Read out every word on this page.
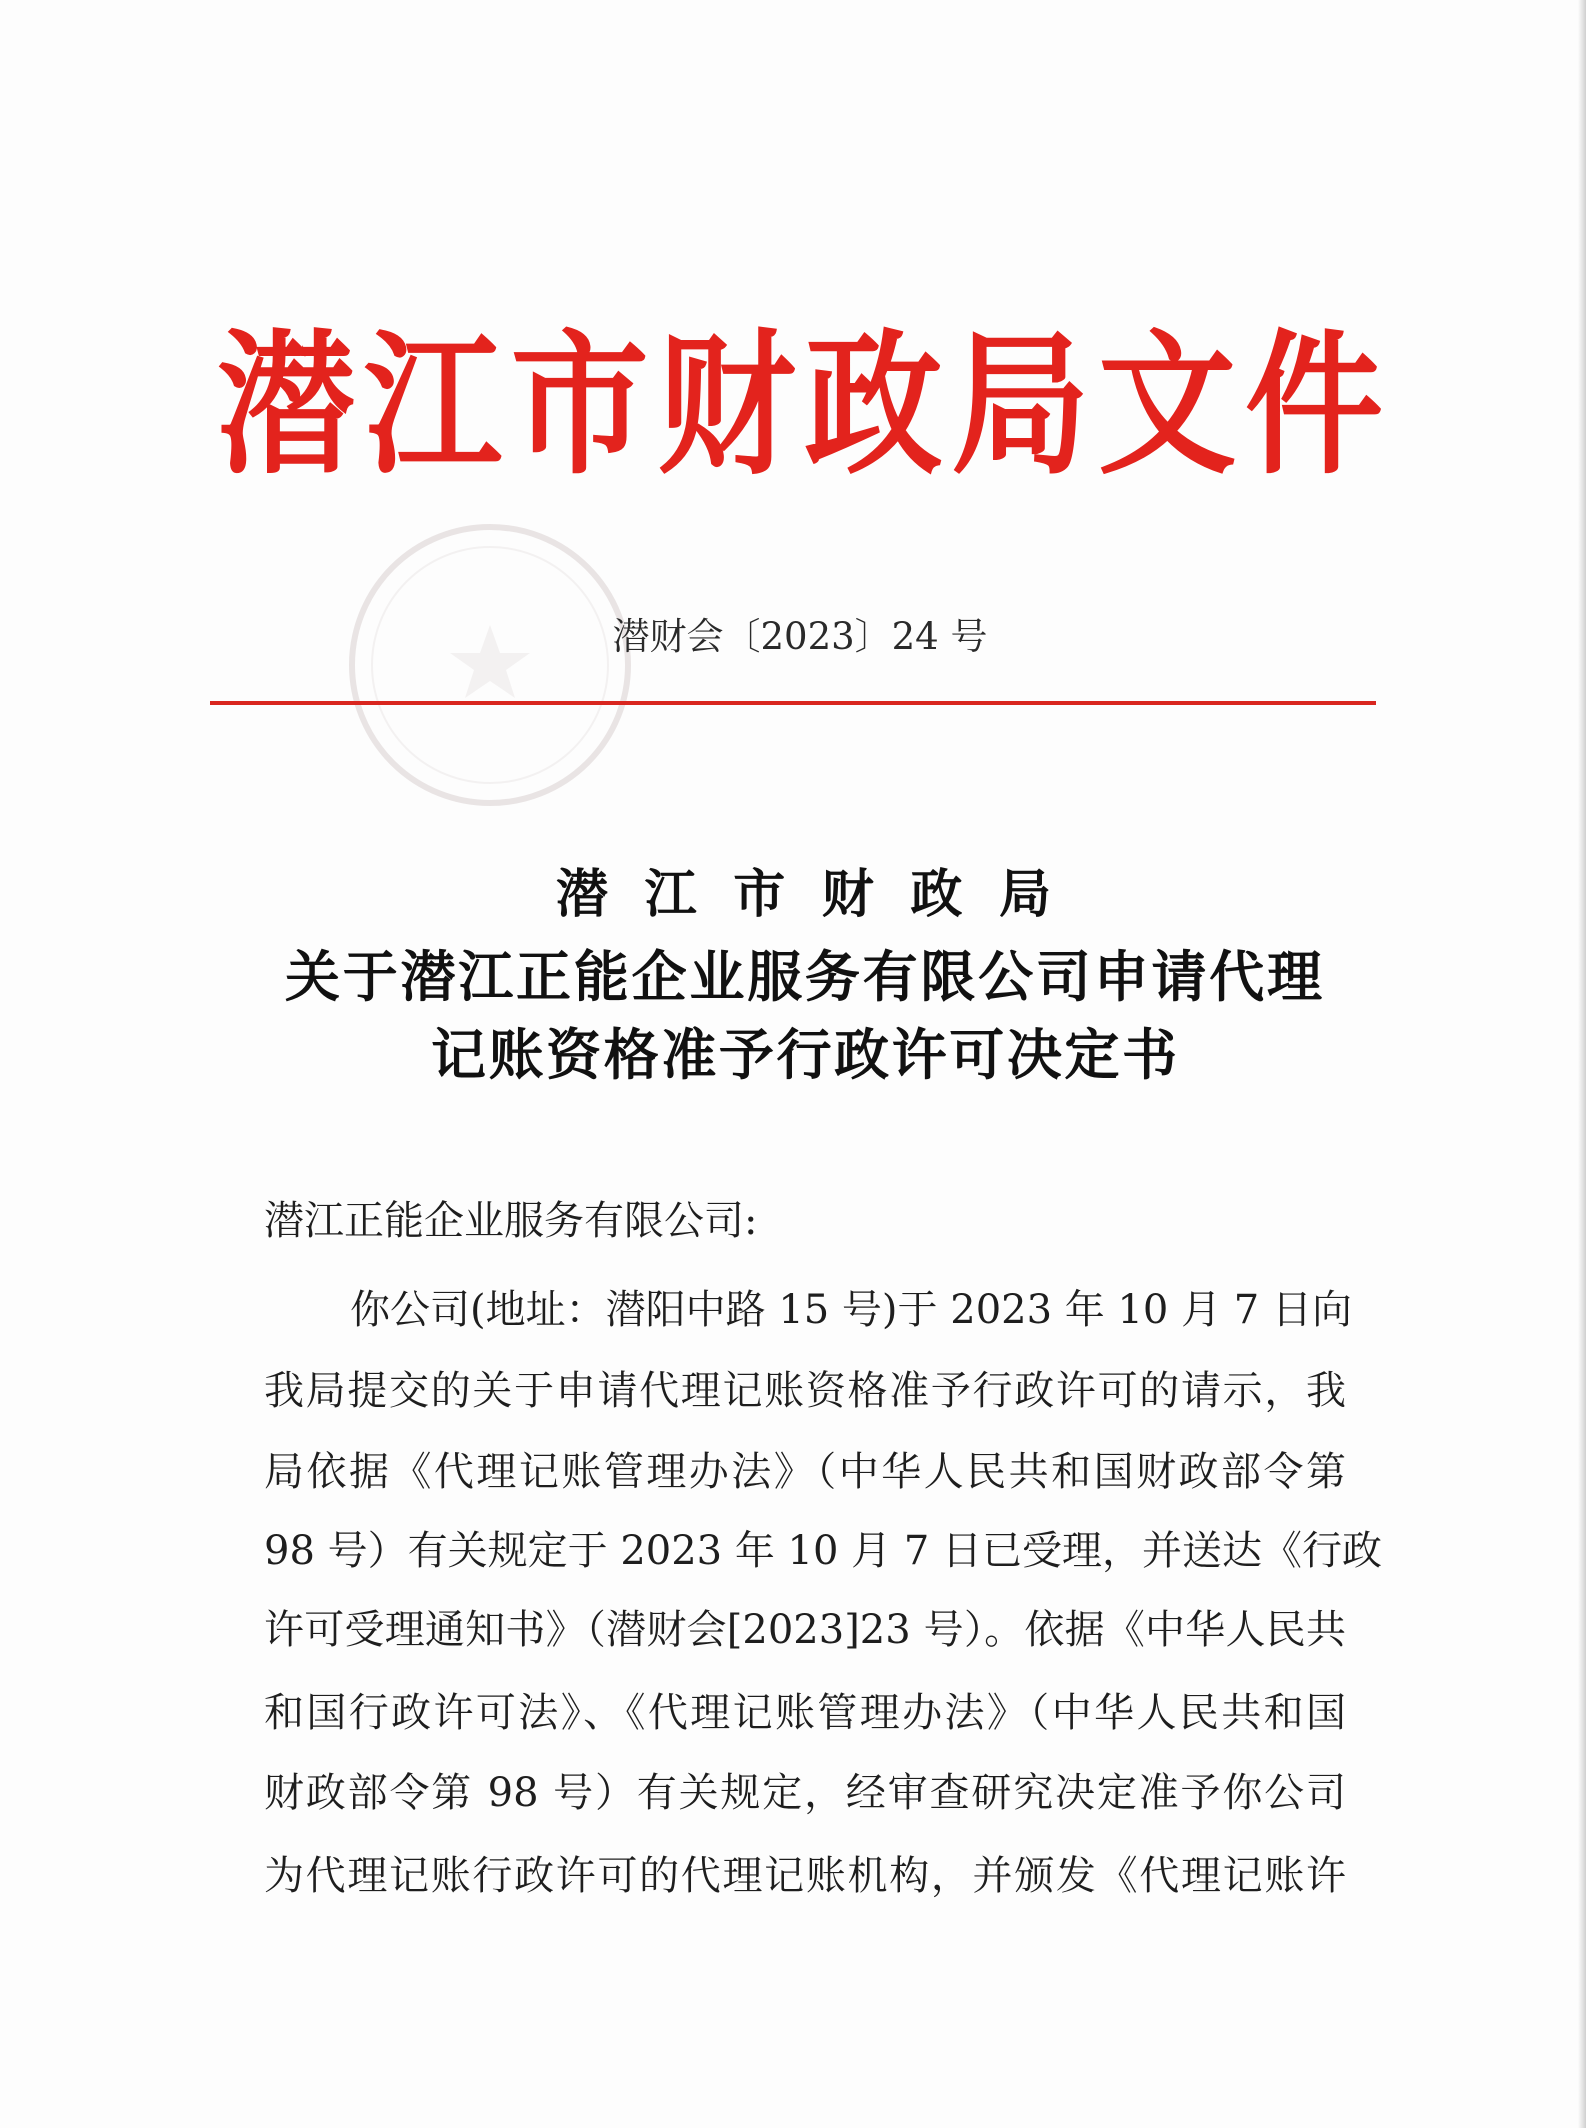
潜江市财政局文件
潜财会〔2023〕24 号
潜 江 市 财 政 局
关于潜江正能企业服务有限公司申请代理
记账资格准予行政许可决定书
潜江正能企业服务有限公司:
你公司(地址：潜阳中路 15 号)于 2023 年 10 月 7 日向
我局提交的关于申请代理记账资格准予行政许可的请示，我
局依据《代理记账管理办法》（中华人民共和国财政部令第
98 号）有关规定于 2023 年 10 月 7 日已受理，并送达《行政
许可受理通知书》（潜财会[2023]23 号）。依据《中华人民共
和国行政许可法》、《代理记账管理办法》（中华人民共和国
财政部令第 98 号）有关规定，经审查研究决定准予你公司
为代理记账行政许可的代理记账机构，并颁发《代理记账许
